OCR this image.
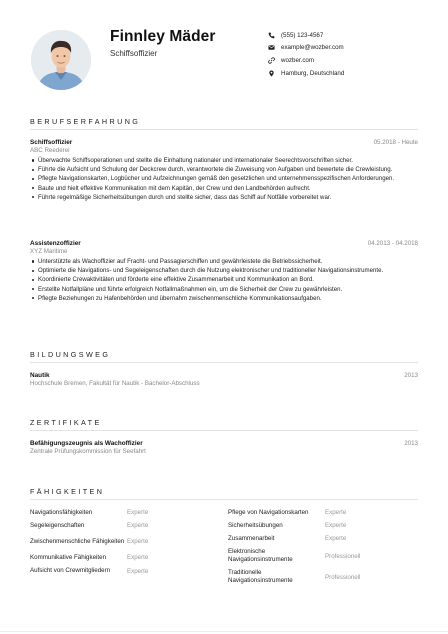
Finnley Mäder
Schiffsoffizier
(555) 123-4567
example@wozber.com
wozber.com
Hamburg, Deutschland
BERUFSERFAHRUNG
Schiffsoffizier	05.2018 - Heute
ABC Reederei
Überwachte Schiffsoperationen und stellte die Einhaltung nationaler und internationaler Seerechtsvorschriften sicher.
Führte die Aufsicht und Schulung der Deckcrew durch, verantwortete die Zuweisung von Aufgaben und bewertete die Crewleistung.
Pflegte Navigationskarten, Logbücher und Aufzeichnungen gemäß den gesetzlichen und unternehmensspezifischen Anforderungen.
Baute und hielt effektive Kommunikation mit dem Kapitän, der Crew und den Landbehörden aufrecht.
Führte regelmäßige Sicherheitsübungen durch und stellte sicher, dass das Schiff auf Notfälle vorbereitet war.
Assistenzoffizier	04.2013 - 04.2018
XYZ Maritime
Unterstützte als Wachoffizier auf Fracht- und Passagierschiffen und gewährleistete die Betriebssicherheit.
Optimierte die Navigations- und Segeleigenschaften durch die Nutzung elektronischer und traditioneller Navigationsinstrumente.
Koordinierte Crewaktivitäten und förderte eine effektive Zusammenarbeit und Kommunikation an Bord.
Erstellte Notfallpläne und führte erfolgreich Notfallmaßnahmen ein, um die Sicherheit der Crew zu gewährleisten.
Pflegte Beziehungen zu Hafenbehörden und übernahm zwischenmenschliche Kommunikationsaufgaben.
BILDUNGSWEG
Nautik	2013
Hochschule Bremen, Fakultät für Nautik - Bachelor-Abschluss
ZERTIFIKATE
Befähigungszeugnis als Wachoffizier	2013
Zentrale Prüfungskommission für Seefahrt
FÄHIGKEITEN
Navigationsfähigkeiten	Experte
Segeleigenschaften	Experte
Zwischenmenschliche Fähigkeiten Experte
Kommunikative Fähigkeiten	Experte
Aufsicht von Crewmitgliedern	Experte
Pflege von Navigationskarten	Experte
Sicherheitsübungen	Experte
Zusammenarbeit	Experte
Elektronische Navigationsinstrumente	Professionell
Traditionelle Navigationsinstrumente	Professionell
